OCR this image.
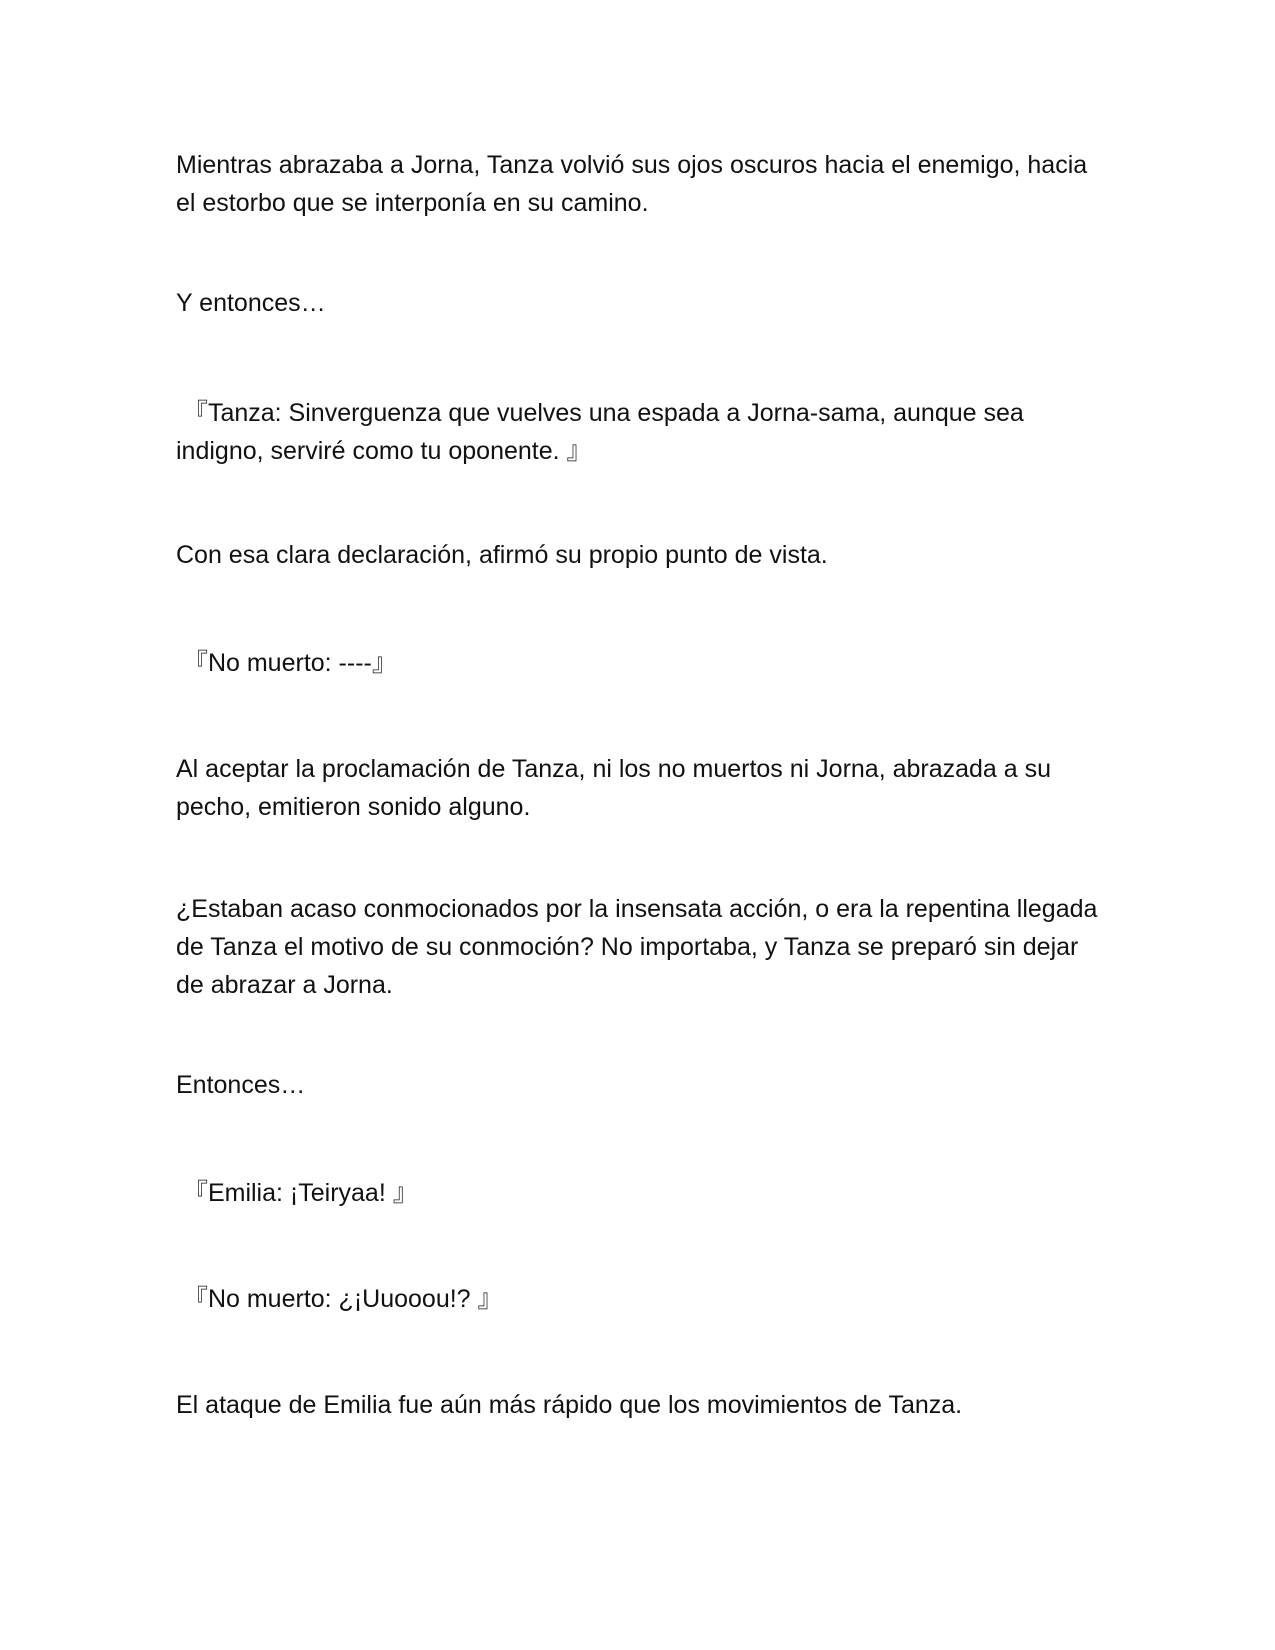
Mientras abrazaba a Jorna, Tanza volvió sus ojos oscuros hacia el enemigo, hacia el estorbo que se interponía en su camino.

Y entonces…

『Tanza: Sinverguenza que vuelves una espada a Jorna-sama, aunque sea indigno, serviré como tu oponente. 』

Con esa clara declaración, afirmó su propio punto de vista.

『No muerto: ----』

Al aceptar la proclamación de Tanza, ni los no muertos ni Jorna, abrazada a su pecho, emitieron sonido alguno.

¿Estaban acaso conmocionados por la insensata acción, o era la repentina llegada de Tanza el motivo de su conmoción? No importaba, y Tanza se preparó sin dejar de abrazar a Jorna.

Entonces…

『Emilia: ¡Teiryaa! 』

『No muerto: ¿¡Uuooou!? 』

El ataque de Emilia fue aún más rápido que los movimientos de Tanza.
